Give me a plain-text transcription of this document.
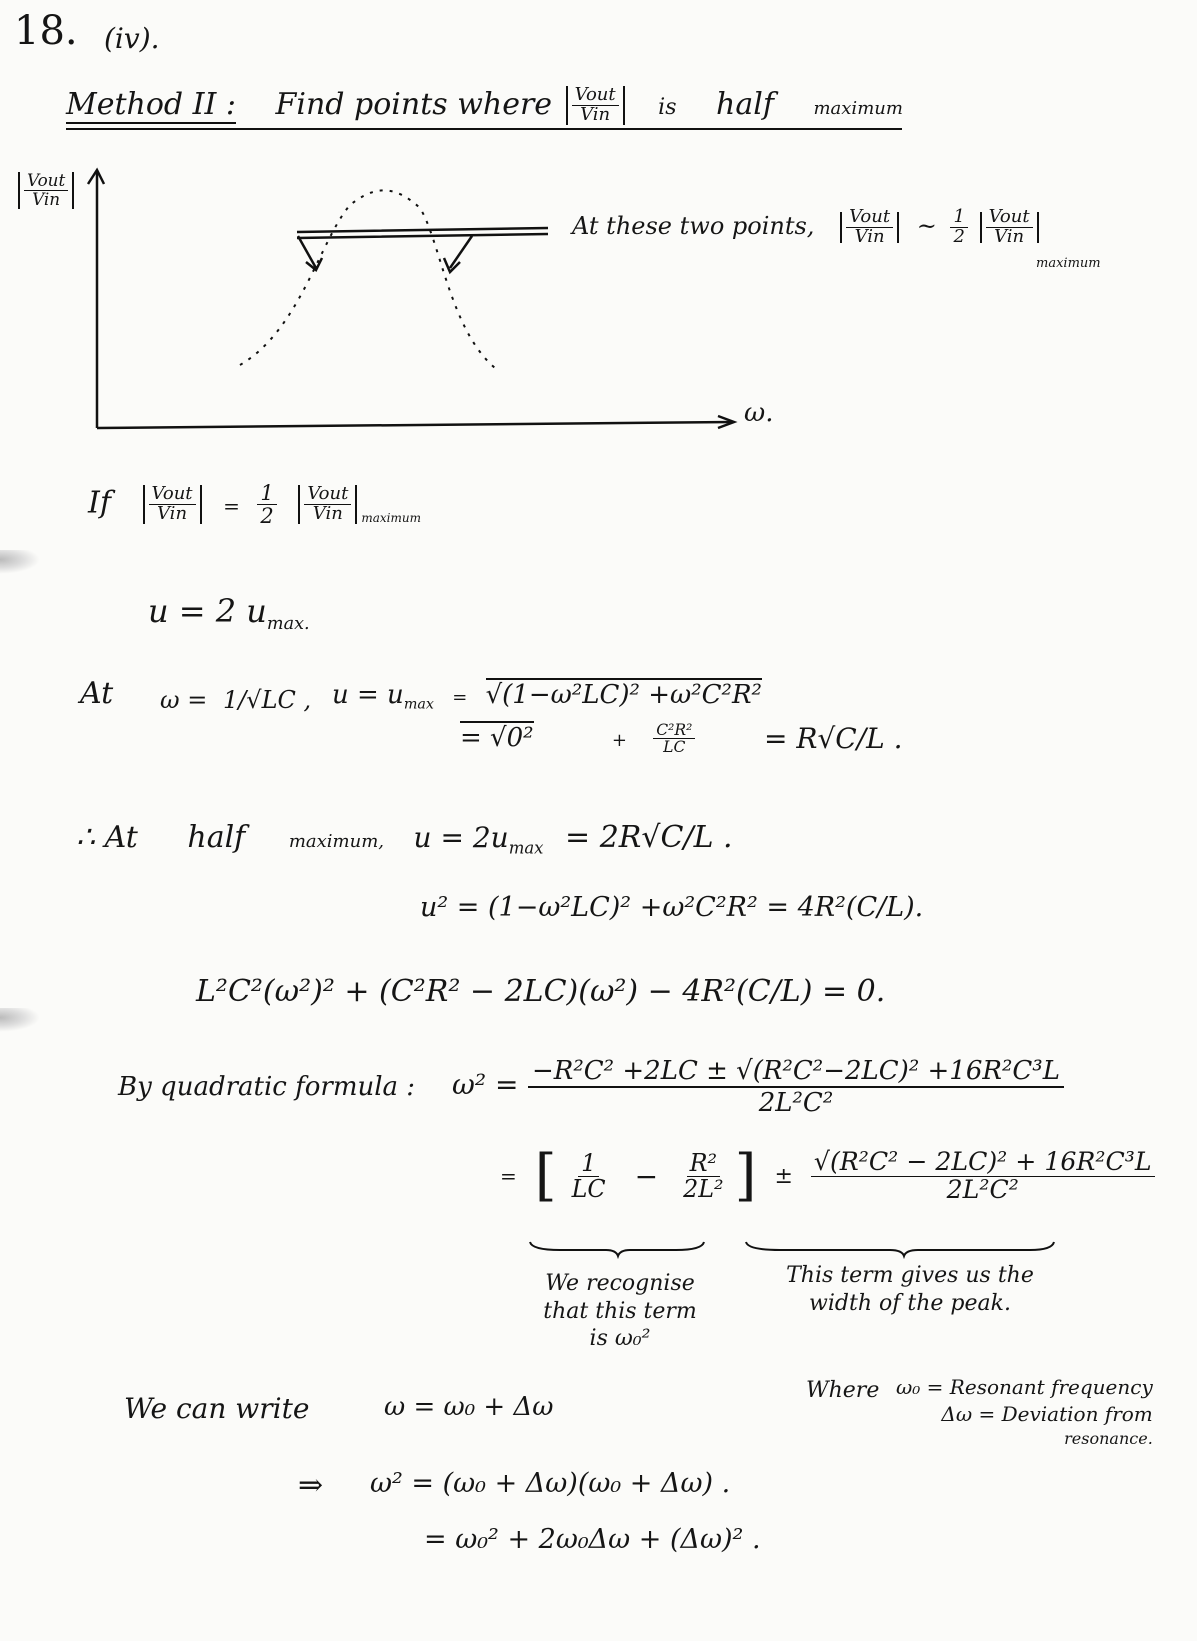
18. (iv).
Method II : Find points where $\frac{\text{Vout}}{\text{Vin}}$ is half maximum
$\frac{\text{Vout}}{\text{Vin}}$
ω.
At these two points, $\frac{\text{Vout}}{\text{Vin}}$ ~ $\frac{1}{2}$
$\frac{\text{Vout}}{\text{Vin}}$
maximum
If $\frac{\text{Vout}}{\text{Vin}} = \frac{1}{2}$
$\frac{\text{Vout}}{\text{Vin}} _{maximum}$
u = 2 $u_{max.}$
At ω = 1/√LC , $u = u_{max} = √(1-\omega^2LC)^2 +\omega^2C^2R^2$
= √0²	+ $\frac{\text{C²R²}}{LC} = R√C/L$ .
∴ At half maximum, $u = 2u_{max} = 2R√C/L$ .
u² = (1−ω²LC)² +ω²C²R² = 4R²(C/L).
L²C²(ω²)² + (C²R² − 2LC)(ω²) − 4R²(C/L) = 0.
By quadratic formula : $\omega^2 = \frac{\text{−R²C² +2LC ± √(R²C²−2LC)² +16R²C³L}}{\text{2L²C²}}$
= [ $\frac{1}{LC} - \frac{\text{R²}}{\text{2L²}}$ ] ± $\frac{\text{√(R²C² − 2LC)² + 16R²C³L}}{\text{2L²C²}}$
We recognise
that this term
is ω₀²
This term gives us the
width of the peak.
We can write	ω = ω₀ + Δω
Where ω₀ = Resonant frequency
Δω = Deviation from
resonance.
⇒ ω² = (ω₀ + Δω)(ω₀ + Δω) .
= ω₀² + 2ω₀Δω + (Δω)² .
